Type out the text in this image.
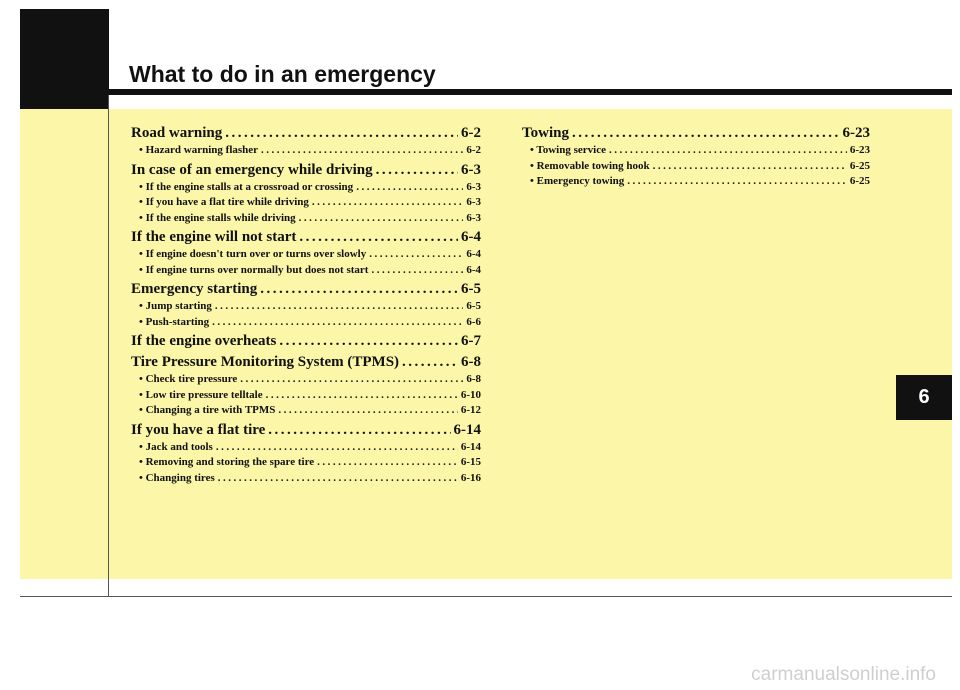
What to do in an emergency
Road warning .....	6-2
• Hazard warning flasher .....	6-2
In case of an emergency while driving .....	6-3
• If the engine stalls at a crossroad or crossing .....	6-3
• If you have a flat tire while driving .....	6-3
• If the engine stalls while driving .....	6-3
If the engine will not start .....	6-4
• If engine doesn't turn over or turns over slowly .....	6-4
• If engine turns over normally but does not start .....	6-4
Emergency starting .....	6-5
• Jump starting .....	6-5
• Push-starting .....	6-6
If the engine overheats .....	6-7
Tire Pressure Monitoring System (TPMS) .....	6-8
• Check tire pressure .....	6-8
• Low tire pressure telltale .....	6-10
• Changing a tire with TPMS .....	6-12
If you have a flat tire .....	6-14
• Jack and tools .....	6-14
• Removing and storing the spare tire .....	6-15
• Changing tires .....	6-16
Towing .....	6-23
• Towing service .....	6-23
• Removable towing hook .....	6-25
• Emergency towing .....	6-25
6

carmanualsonline.info
